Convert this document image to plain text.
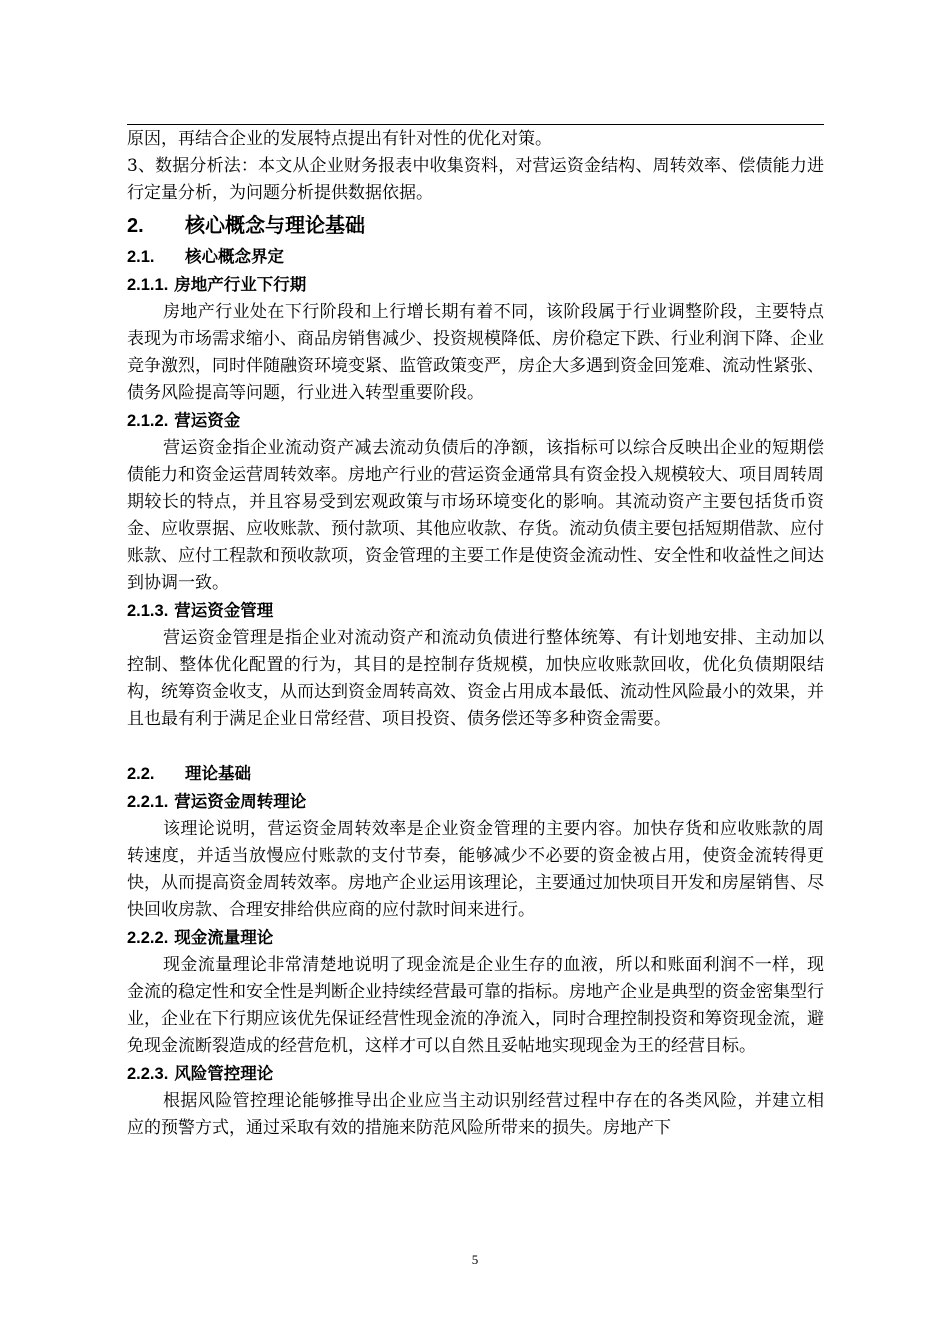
原因，再结合企业的发展特点提出有针对性的优化对策。

3、数据分析法：本文从企业财务报表中收集资料，对营运资金结构、周转效率、偿债能力进行定量分析，为问题分析提供数据依据。

2.	核心概念与理论基础
2.1.	核心概念界定
2.1.1. 房地产行业下行期

房地产行业处在下行阶段和上行增长期有着不同，该阶段属于行业调整阶段，主要特点表现为市场需求缩小、商品房销售减少、投资规模降低、房价稳定下跌、行业利润下降、企业竞争激烈，同时伴随融资环境变紧、监管政策变严，房企大多遇到资金回笼难、流动性紧张、债务风险提高等问题，行业进入转型重要阶段。

2.1.2. 营运资金

营运资金指企业流动资产减去流动负债后的净额，该指标可以综合反映出企业的短期偿债能力和资金运营周转效率。房地产行业的营运资金通常具有资金投入规模较大、项目周转周期较长的特点，并且容易受到宏观政策与市场环境变化的影响。其流动资产主要包括货币资金、应收票据、应收账款、预付款项、其他应收款、存货。流动负债主要包括短期借款、应付账款、应付工程款和预收款项，资金管理的主要工作是使资金流动性、安全性和收益性之间达到协调一致。

2.1.3. 营运资金管理

营运资金管理是指企业对流动资产和流动负债进行整体统筹、有计划地安排、主动加以控制、整体优化配置的行为，其目的是控制存货规模，加快应收账款回收，优化负债期限结构，统筹资金收支，从而达到资金周转高效、资金占用成本最低、流动性风险最小的效果，并且也最有利于满足企业日常经营、项目投资、债务偿还等多种资金需要。

2.2.	理论基础
2.2.1. 营运资金周转理论

该理论说明，营运资金周转效率是企业资金管理的主要内容。加快存货和应收账款的周转速度，并适当放慢应付账款的支付节奏，能够减少不必要的资金被占用，使资金流转得更快，从而提高资金周转效率。房地产企业运用该理论，主要通过加快项目开发和房屋销售、尽快回收房款、合理安排给供应商的应付款时间来进行。

2.2.2. 现金流量理论

现金流量理论非常清楚地说明了现金流是企业生存的血液，所以和账面利润不一样，现金流的稳定性和安全性是判断企业持续经营最可靠的指标。房地产企业是典型的资金密集型行业，企业在下行期应该优先保证经营性现金流的净流入，同时合理控制投资和筹资现金流，避免现金流断裂造成的经营危机，这样才可以自然且妥帖地实现现金为王的经营目标。

2.2.3. 风险管控理论

根据风险管控理论能够推导出企业应当主动识别经营过程中存在的各类风险，并建立相应的预警方式，通过采取有效的措施来防范风险所带来的损失。房地产下

5
